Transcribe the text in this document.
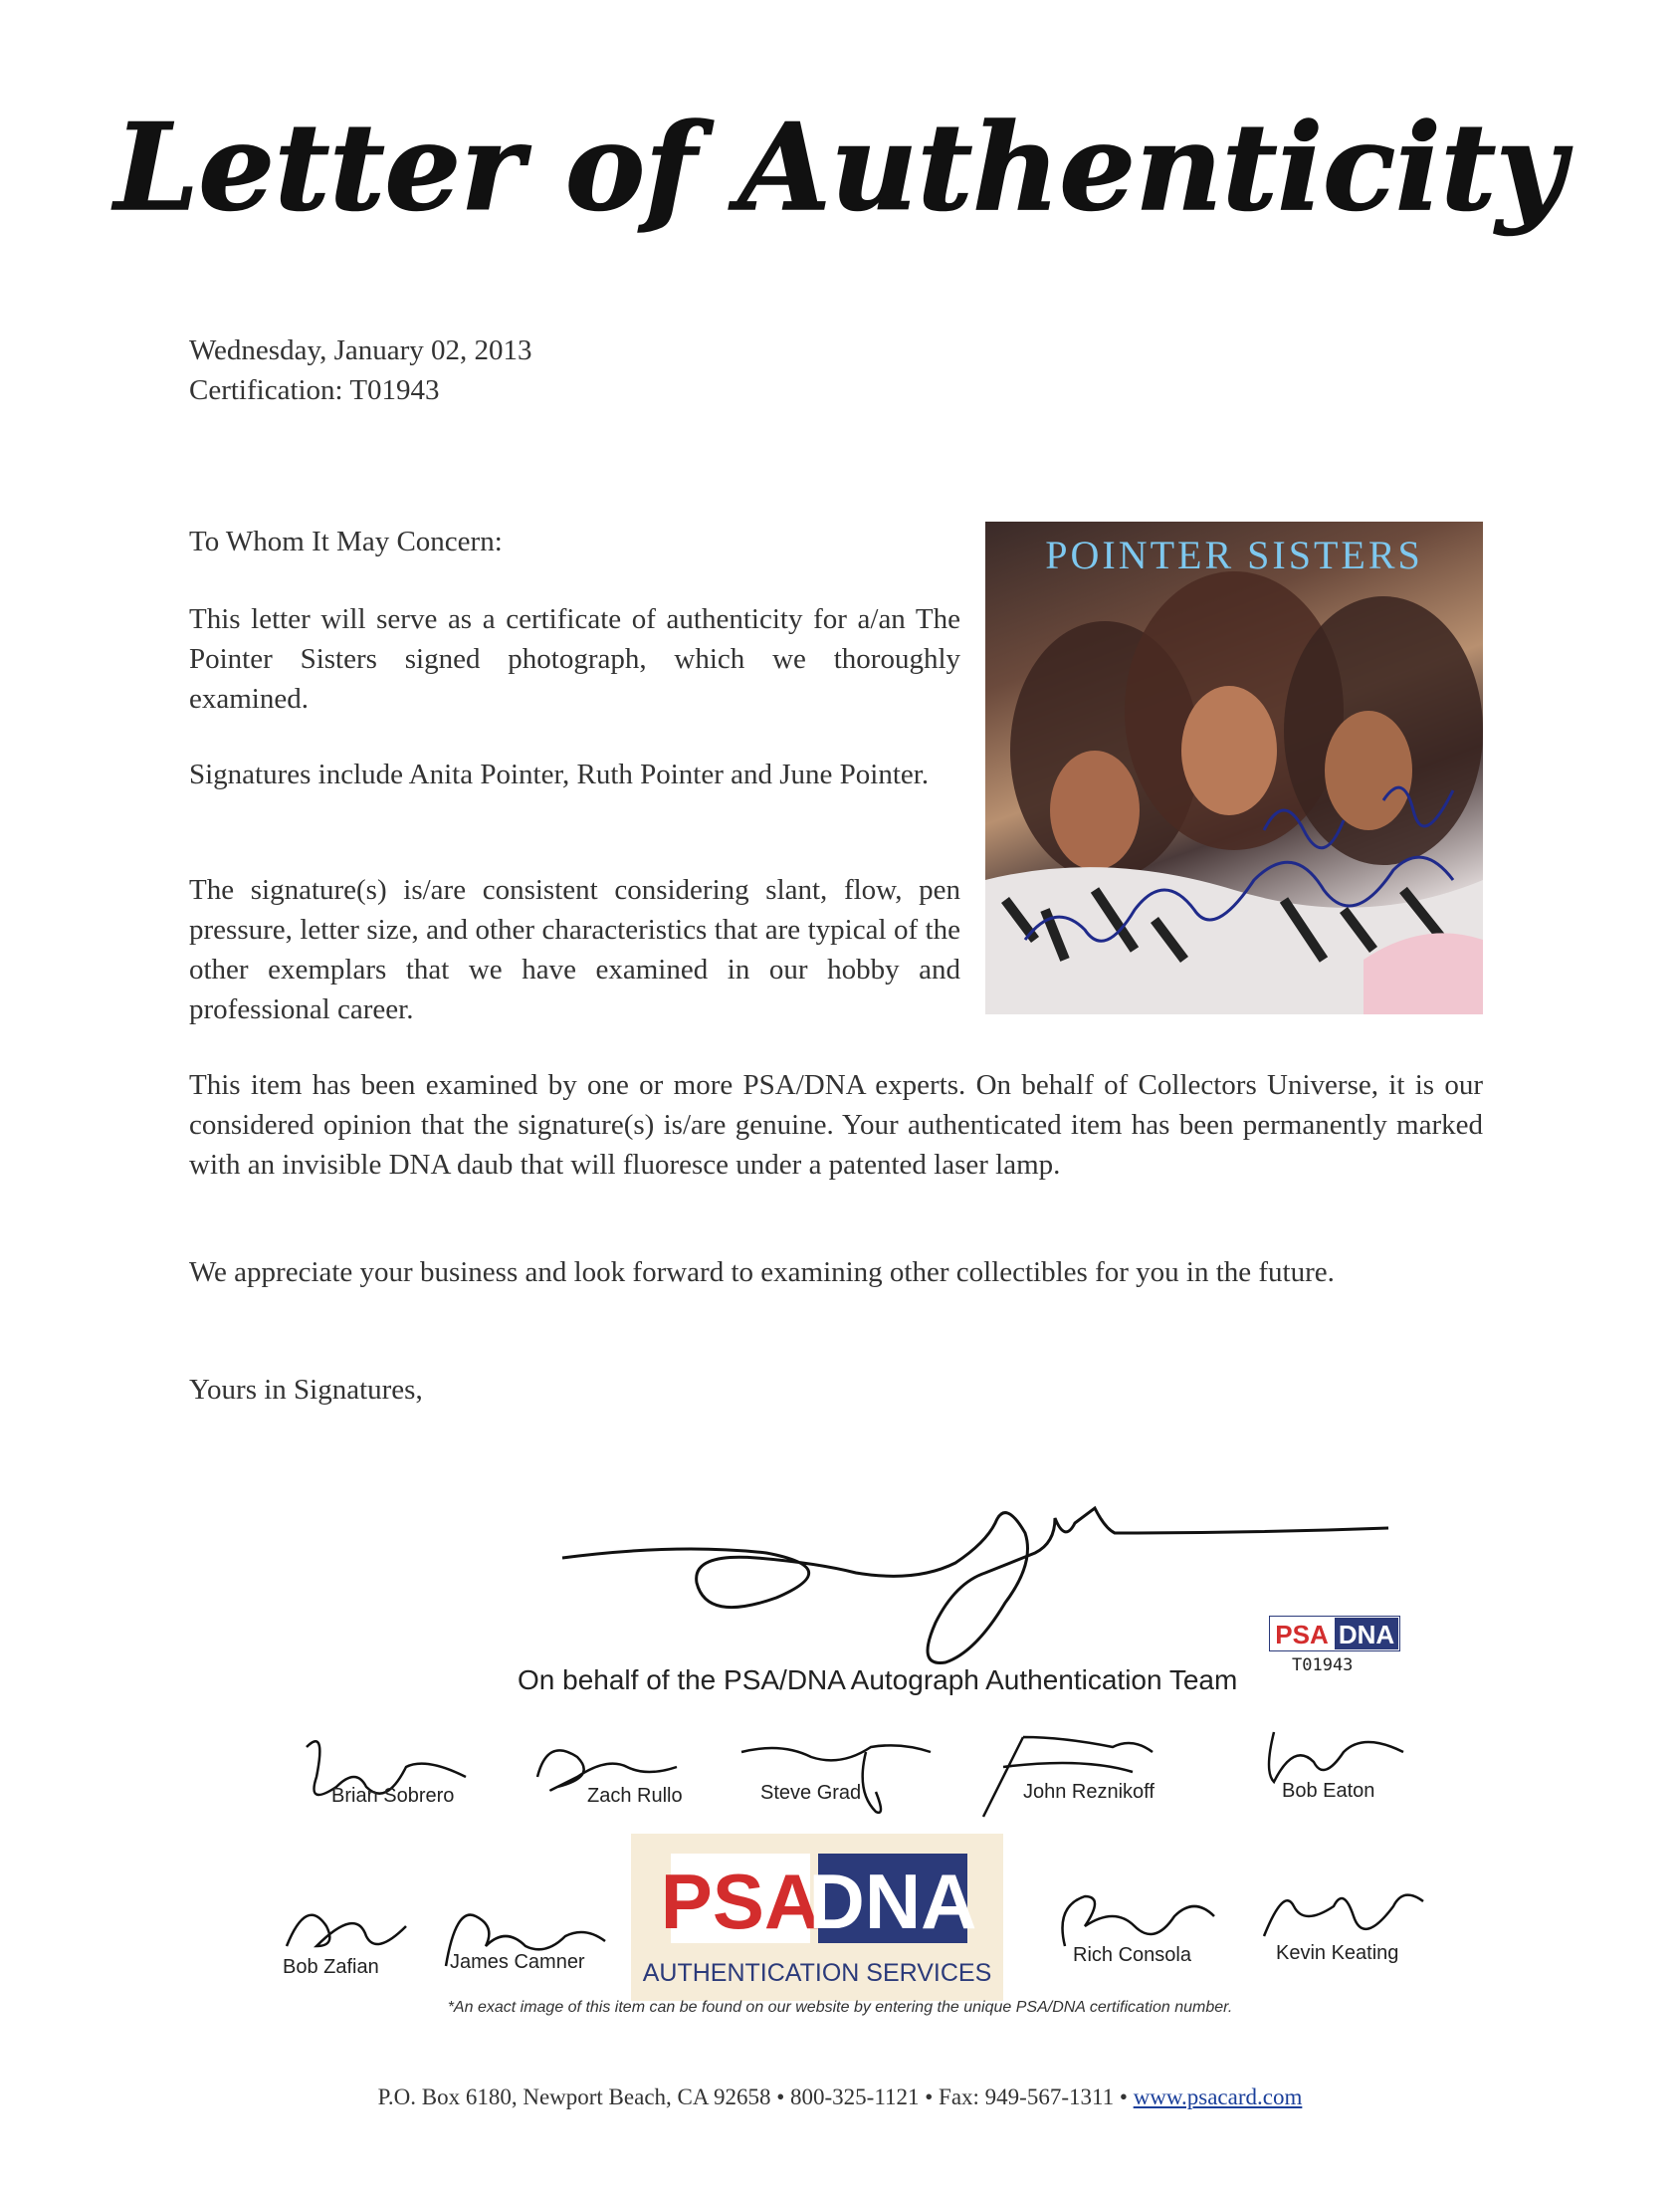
Letter of Authenticity
Wednesday, January 02, 2013
Certification: T01943
To Whom It May Concern:
This letter will serve as a certificate of authenticity for a/an The Pointer Sisters signed photograph, which we thoroughly examined.
Signatures include Anita Pointer, Ruth Pointer and June Pointer.
The signature(s) is/are consistent considering slant, flow, pen pressure, letter size, and other characteristics that are typical of the other exemplars that we have examined in our hobby and professional career.
This item has been examined by one or more PSA/DNA experts. On behalf of Collectors Universe, it is our considered opinion that the signature(s) is/are genuine. Your authenticated item has been permanently marked with an invisible DNA daub that will fluoresce under a patented laser lamp.
We appreciate your business and look forward to examining other collectibles for you in the future.
Yours in Signatures,
POINTER SISTERS
PSA DNA
T01943
On behalf of the PSA/DNA Autograph Authentication Team
Brian Sobrero	Zach Rullo	Steve Grad	John Reznikoff	Bob Eaton
Bob Zafian	James Camner
PSA
DNA
AUTHENTICATION SERVICES
Rich Consola	Kevin Keating
*An exact image of this item can be found on our website by entering the unique PSA/DNA certification number.
P.O. Box 6180, Newport Beach, CA 92658 • 800-325-1121 • Fax: 949-567-1311 • www.psacard.com
